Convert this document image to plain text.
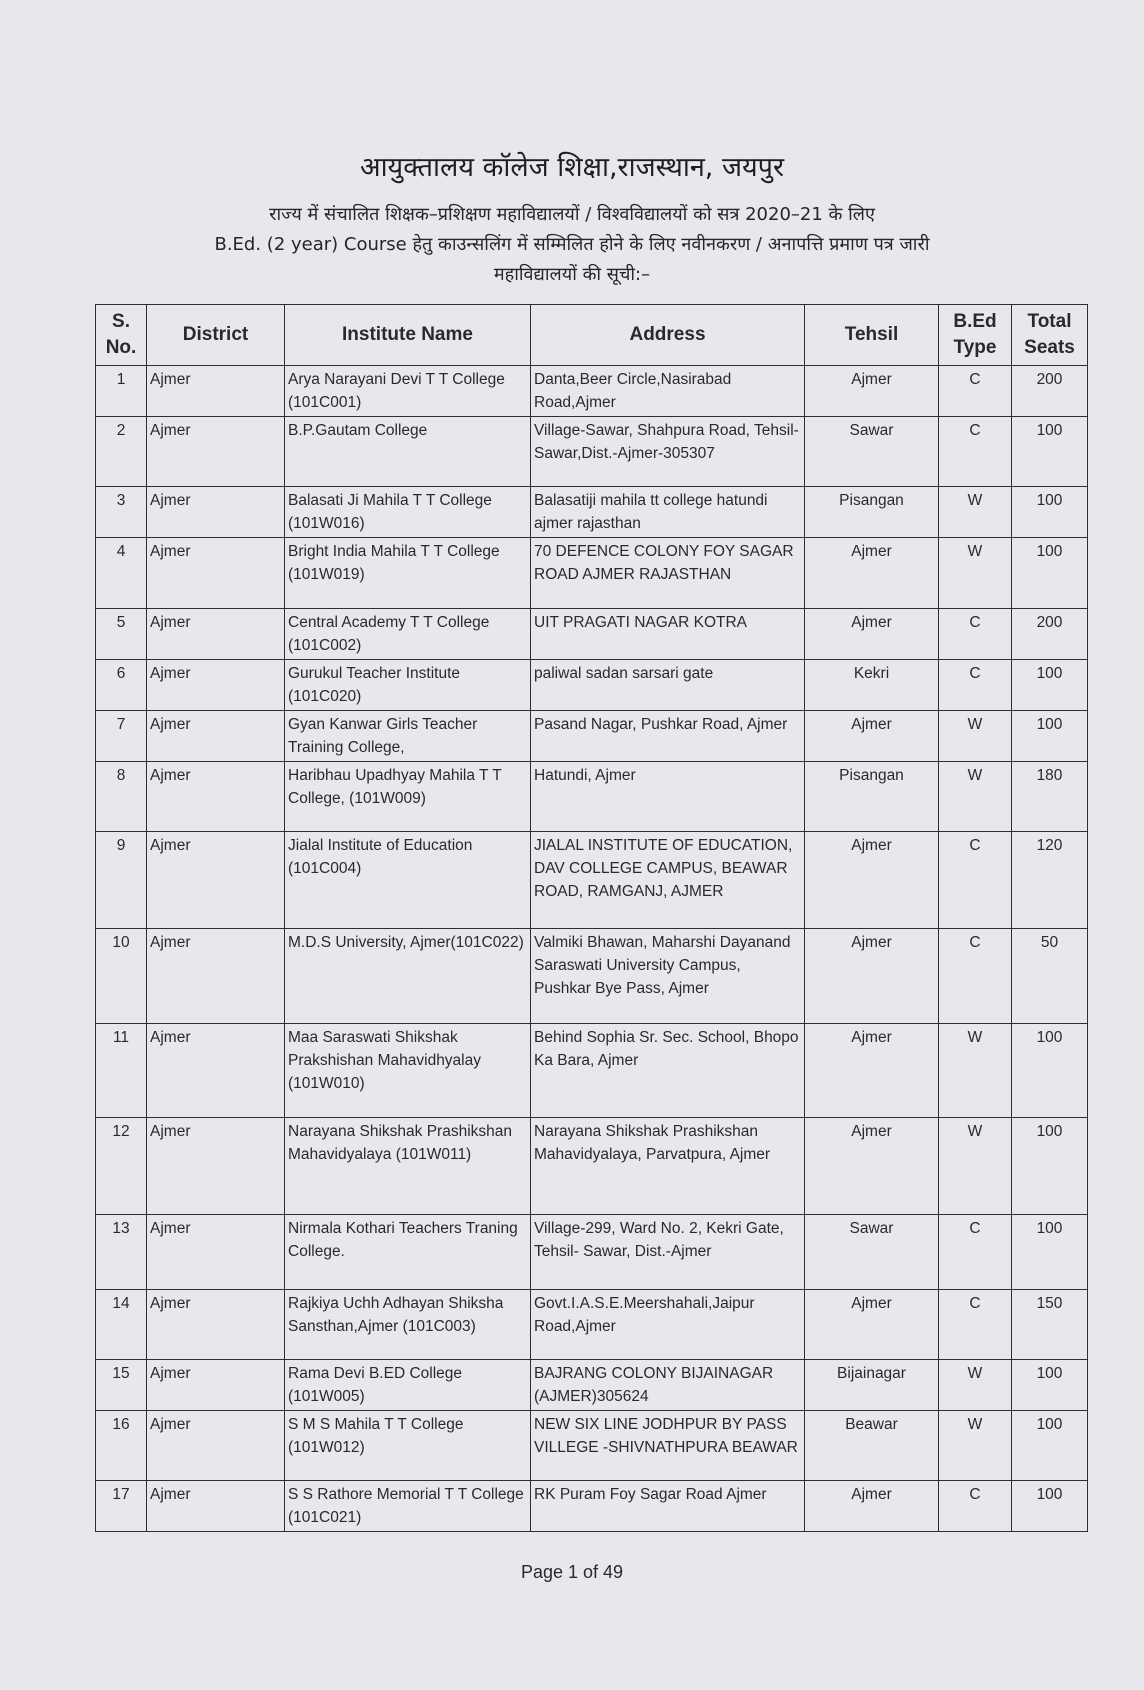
आयुक्तालय कॉलेज शिक्षा,राजस्थान, जयपुर
राज्य में संचालित शिक्षक–प्रशिक्षण महाविद्यालयों / विश्वविद्यालयों को सत्र 2020–21 के लिए
B.Ed. (2 year) Course हेतु काउन्सलिंग में सम्मिलित होने के लिए नवीनकरण / अनापत्ति प्रमाण पत्र जारी
महाविद्यालयों की सूची:–
S. No.	District	Institute Name	Address	Tehsil	B.Ed Type	Total Seats
1	Ajmer	Arya Narayani Devi T T College (101C001)	Danta,Beer Circle,Nasirabad Road,Ajmer	Ajmer	C	200
2	Ajmer	B.P.Gautam College	Village-Sawar, Shahpura Road, Tehsil-Sawar,Dist.-Ajmer-305307	Sawar	C	100
3	Ajmer	Balasati Ji Mahila T T College (101W016)	Balasatiji mahila tt college hatundi ajmer rajasthan	Pisangan	W	100
4	Ajmer	Bright India Mahila T T College (101W019)	70 DEFENCE COLONY FOY SAGAR ROAD AJMER RAJASTHAN	Ajmer	W	100
5	Ajmer	Central Academy T T College (101C002)	UIT PRAGATI NAGAR KOTRA	Ajmer	C	200
6	Ajmer	Gurukul Teacher Institute (101C020)	paliwal sadan sarsari gate	Kekri	C	100
7	Ajmer	Gyan Kanwar Girls Teacher Training College,	Pasand Nagar, Pushkar Road, Ajmer	Ajmer	W	100
8	Ajmer	Haribhau Upadhyay Mahila T T College, (101W009)	Hatundi, Ajmer	Pisangan	W	180
9	Ajmer	Jialal Institute of Education (101C004)	JIALAL INSTITUTE OF EDUCATION, DAV COLLEGE CAMPUS, BEAWAR ROAD, RAMGANJ, AJMER	Ajmer	C	120
10	Ajmer	M.D.S University, Ajmer(101C022)	Valmiki Bhawan, Maharshi Dayanand Saraswati University Campus, Pushkar Bye Pass, Ajmer	Ajmer	C	50
11	Ajmer	Maa Saraswati Shikshak Prakshishan Mahavidhyalay (101W010)	Behind Sophia Sr. Sec. School, Bhopo Ka Bara, Ajmer	Ajmer	W	100
12	Ajmer	Narayana Shikshak Prashikshan Mahavidyalaya (101W011)	Narayana Shikshak Prashikshan Mahavidyalaya, Parvatpura, Ajmer	Ajmer	W	100
13	Ajmer	Nirmala Kothari Teachers Traning College.	Village-299, Ward No. 2, Kekri Gate, Tehsil- Sawar, Dist.-Ajmer	Sawar	C	100
14	Ajmer	Rajkiya Uchh Adhayan Shiksha Sansthan,Ajmer (101C003)	Govt.I.A.S.E.Meershahali,Jaipur Road,Ajmer	Ajmer	C	150
15	Ajmer	Rama Devi B.ED College (101W005)	BAJRANG COLONY BIJAINAGAR (AJMER)305624	Bijainagar	W	100
16	Ajmer	S M S Mahila T T College (101W012)	NEW SIX LINE JODHPUR BY PASS VILLEGE -SHIVNATHPURA BEAWAR	Beawar	W	100
17	Ajmer	S S Rathore Memorial T T College (101C021)	RK Puram Foy Sagar Road Ajmer	Ajmer	C	100
Page 1 of 49
